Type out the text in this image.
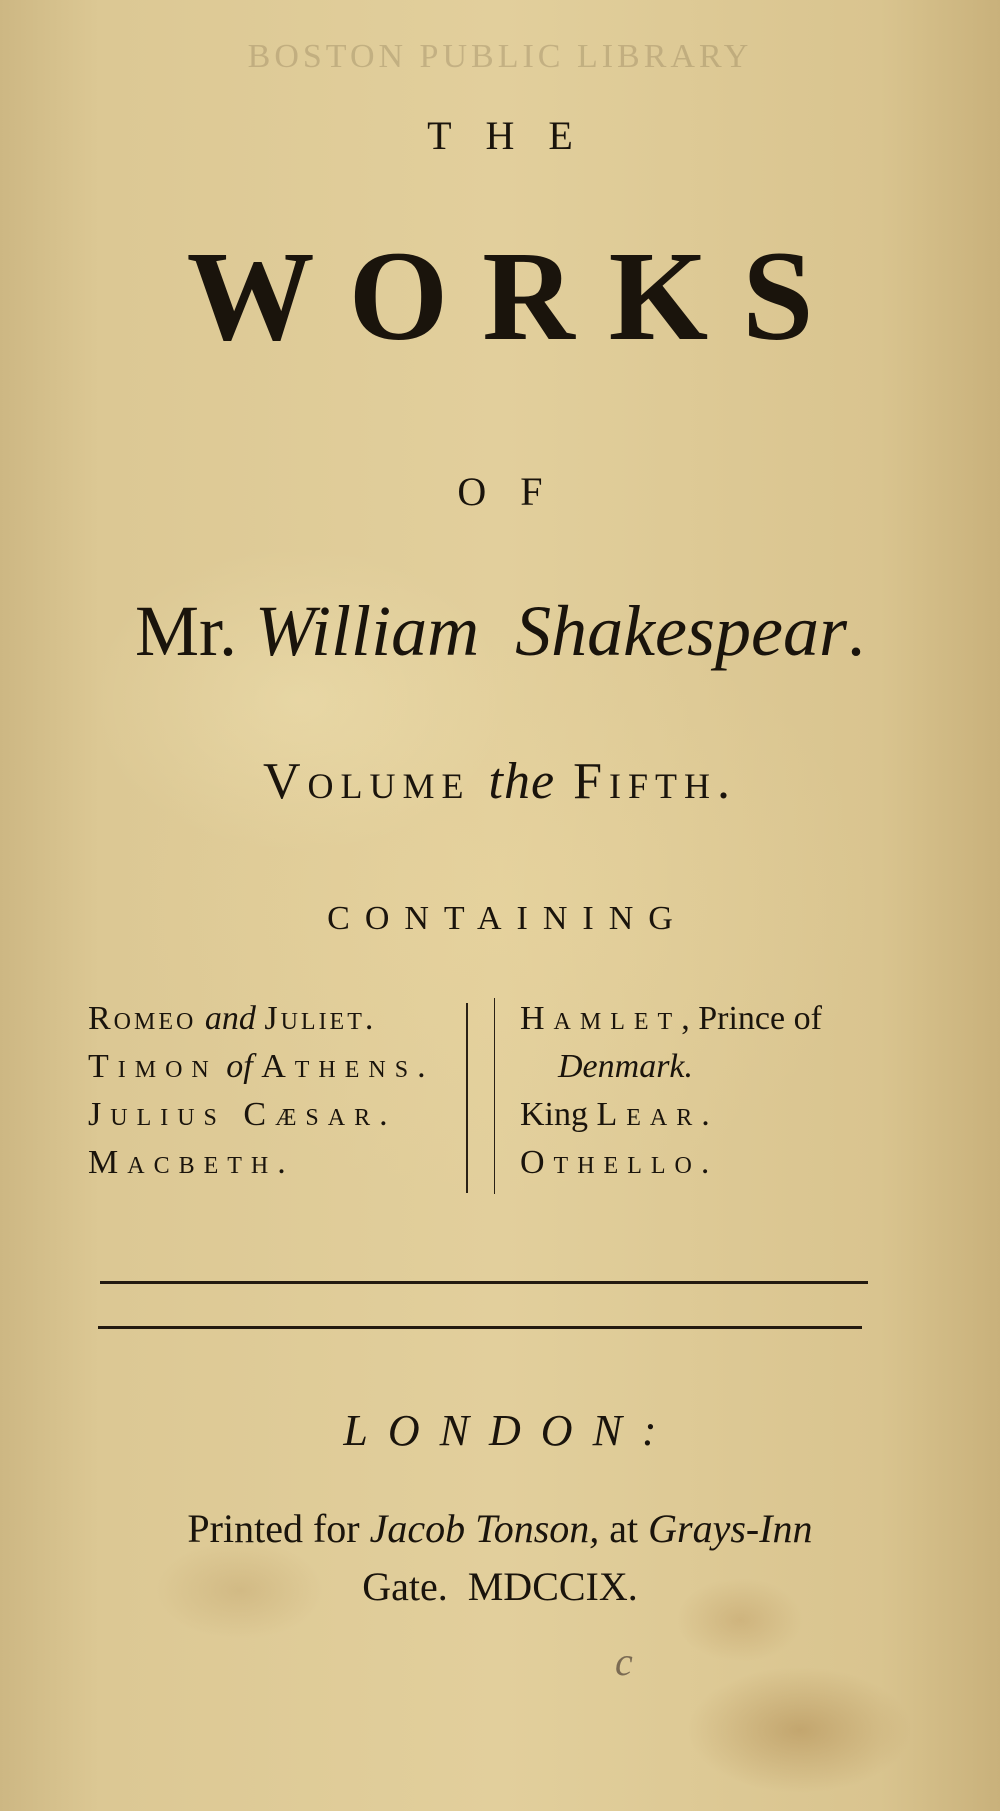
BOSTON PUBLIC LIBRARY
THE
WORKS
OF
Mr. William Shakespear.
Volume the Fifth.
CONTAINING
Romeo and Juliet.
Timon of Athens.
Julius Cæsar.
Macbeth.
Hamlet, Prince of
Denmark.
King Lear.
Othello.
LONDON:
Printed for Jacob Tonson, at Grays-Inn
Gate. MDCCIX.
c
